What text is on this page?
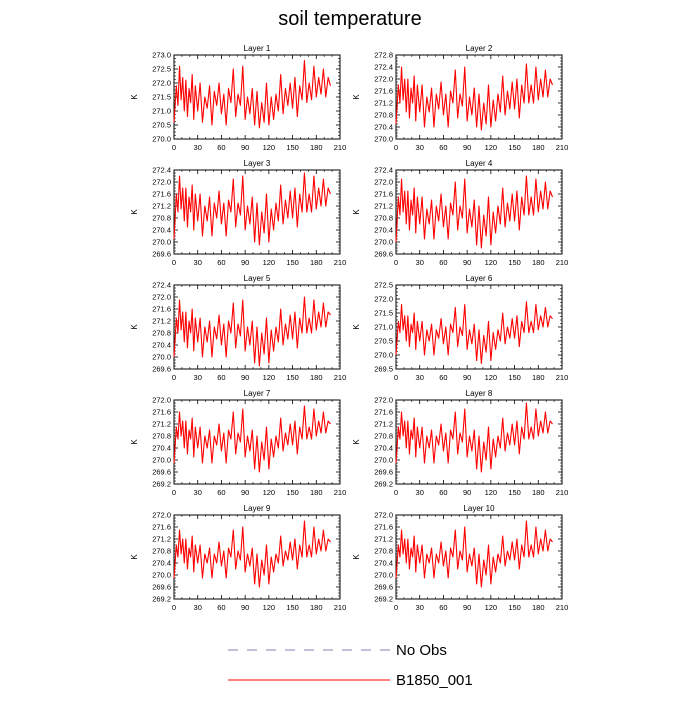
soil temperature
Layer 1
K
0 30 60 90 120 150 180 210
270.0
270.5
271.0
271.5
272.0
272.5
273.0
Layer 2
K
0 30 60 90 120 150 180 210
270.0
270.4
270.8
271.2
271.6
272.0
272.4
272.8
Layer 3
K
0 30 60 90 120 150 180 210
269.6
270.0
270.4
270.8
271.2
271.6
272.0
272.4
Layer 4
K
0 30 60 90 120 150 180 210
269.6
270.0
270.4
270.8
271.2
271.6
272.0
272.4
Layer 5
K
0 30 60 90 120 150 180 210
269.6
270.0
270.4
270.8
271.2
271.6
272.0
272.4
Layer 6
K
0 30 60 90 120 150 180 210
269.5
270.0
270.5
271.0
271.5
272.0
272.5
Layer 7
K
0 30 60 90 120 150 180 210
269.2
269.6
270.0
270.4
270.8
271.2
271.6
272.0
Layer 8
K
0 30 60 90 120 150 180 210
269.2
269.6
270.0
270.4
270.8
271.2
271.6
272.0
Layer 9
K
0 30 60 90 120 150 180 210
269.2
269.6
270.0
270.4
270.8
271.2
271.6
272.0
Layer 10
K
0 30 60 90 120 150 180 210
269.2
269.6
270.0
270.4
270.8
271.2
271.6
272.0
No Obs
B1850_001
